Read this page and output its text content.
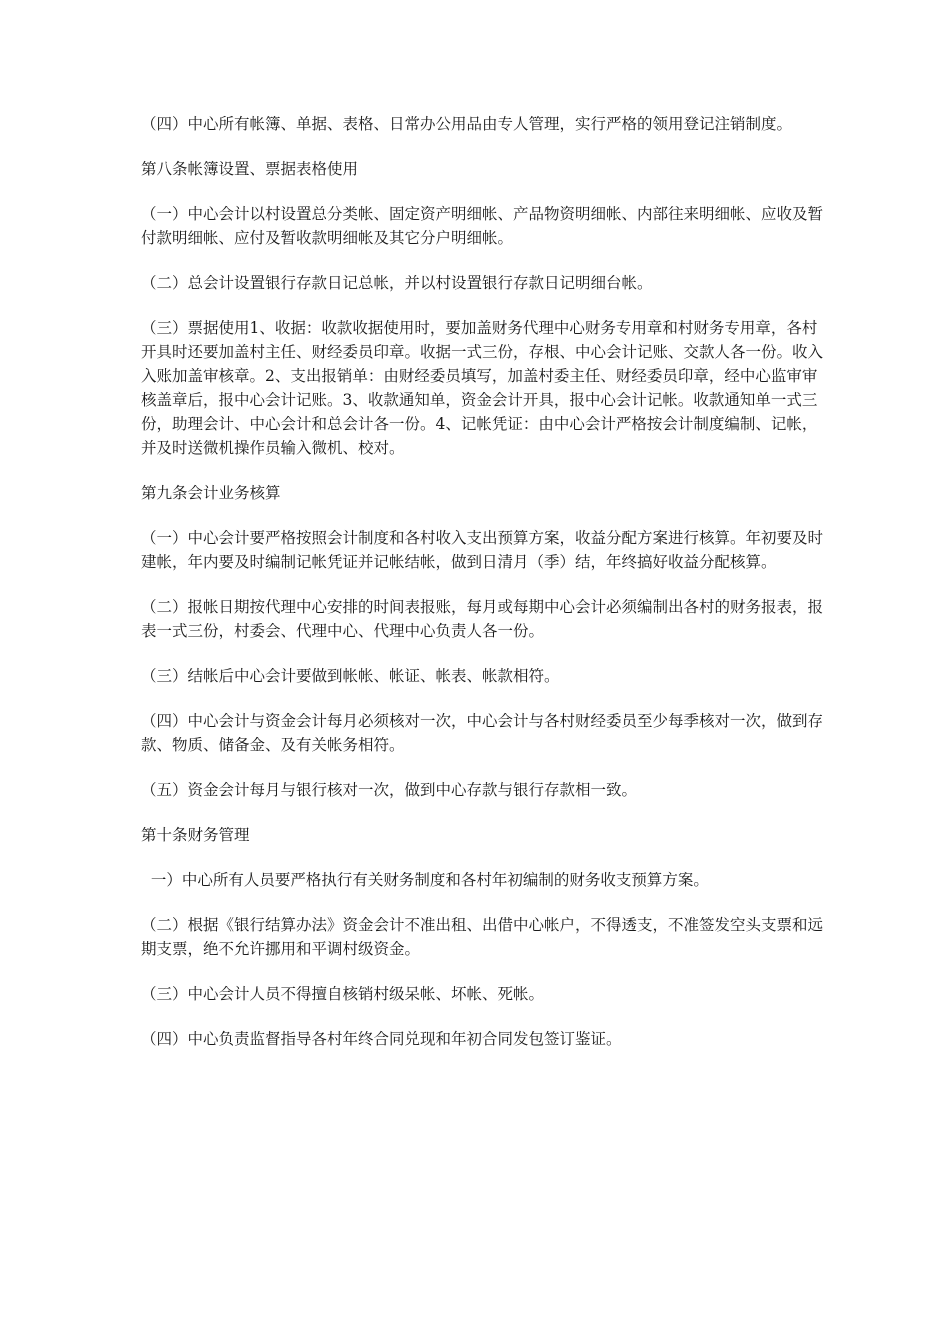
（四）中心所有帐簿、单据、表格、日常办公用品由专人管理，实行严格的领用登记注销制度。

第八条帐簿设置、票据表格使用

（一）中心会计以村设置总分类帐、固定资产明细帐、产品物资明细帐、内部往来明细帐、应收及暂付款明细帐、应付及暂收款明细帐及其它分户明细帐。

（二）总会计设置银行存款日记总帐，并以村设置银行存款日记明细台帐。

（三）票据使用1、收据：收款收据使用时，要加盖财务代理中心财务专用章和村财务专用章，各村开具时还要加盖村主任、财经委员印章。收据一式三份，存根、中心会计记账、交款人各一份。收入入账加盖审核章。2、支出报销单：由财经委员填写，加盖村委主任、财经委员印章，经中心监审审核盖章后，报中心会计记账。3、收款通知单，资金会计开具，报中心会计记帐。收款通知单一式三份，助理会计、中心会计和总会计各一份。4、记帐凭证：由中心会计严格按会计制度编制、记帐，并及时送微机操作员输入微机、校对。

第九条会计业务核算

（一）中心会计要严格按照会计制度和各村收入支出预算方案，收益分配方案进行核算。年初要及时建帐，年内要及时编制记帐凭证并记帐结帐，做到日清月（季）结，年终搞好收益分配核算。

（二）报帐日期按代理中心安排的时间表报账，每月或每期中心会计必须编制出各村的财务报表，报表一式三份，村委会、代理中心、代理中心负责人各一份。

（三）结帐后中心会计要做到帐帐、帐证、帐表、帐款相符。

（四）中心会计与资金会计每月必须核对一次，中心会计与各村财经委员至少每季核对一次，做到存款、物质、储备金、及有关帐务相符。

（五）资金会计每月与银行核对一次，做到中心存款与银行存款相一致。

第十条财务管理

一）中心所有人员要严格执行有关财务制度和各村年初编制的财务收支预算方案。

（二）根据《银行结算办法》资金会计不准出租、出借中心帐户，不得透支，不准签发空头支票和远期支票，绝不允许挪用和平调村级资金。

（三）中心会计人员不得擅自核销村级呆帐、坏帐、死帐。

（四）中心负责监督指导各村年终合同兑现和年初合同发包签订鉴证。
